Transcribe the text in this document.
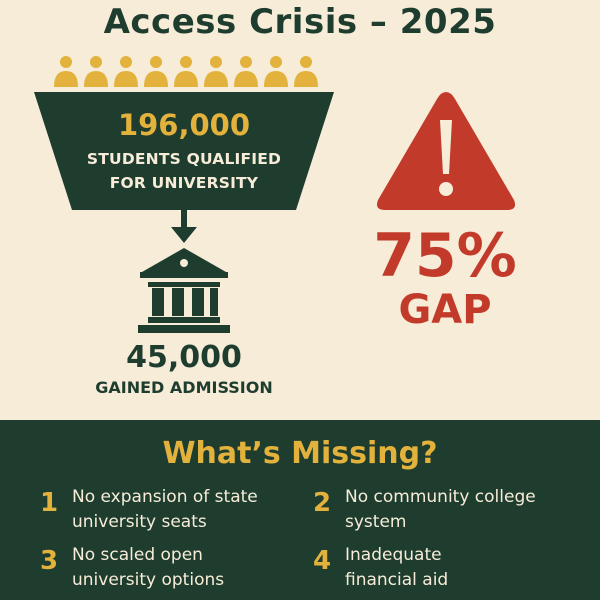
Access Crisis – 2025
196,000
STUDENTS QUALIFIED
FOR UNIVERSITY
45,000
GAINED ADMISSION
75%
GAP
What’s Missing?
1 No expansion of state
university seats
2 No community college
system
3 No scaled open
university options
4 Inadequate
financial aid
